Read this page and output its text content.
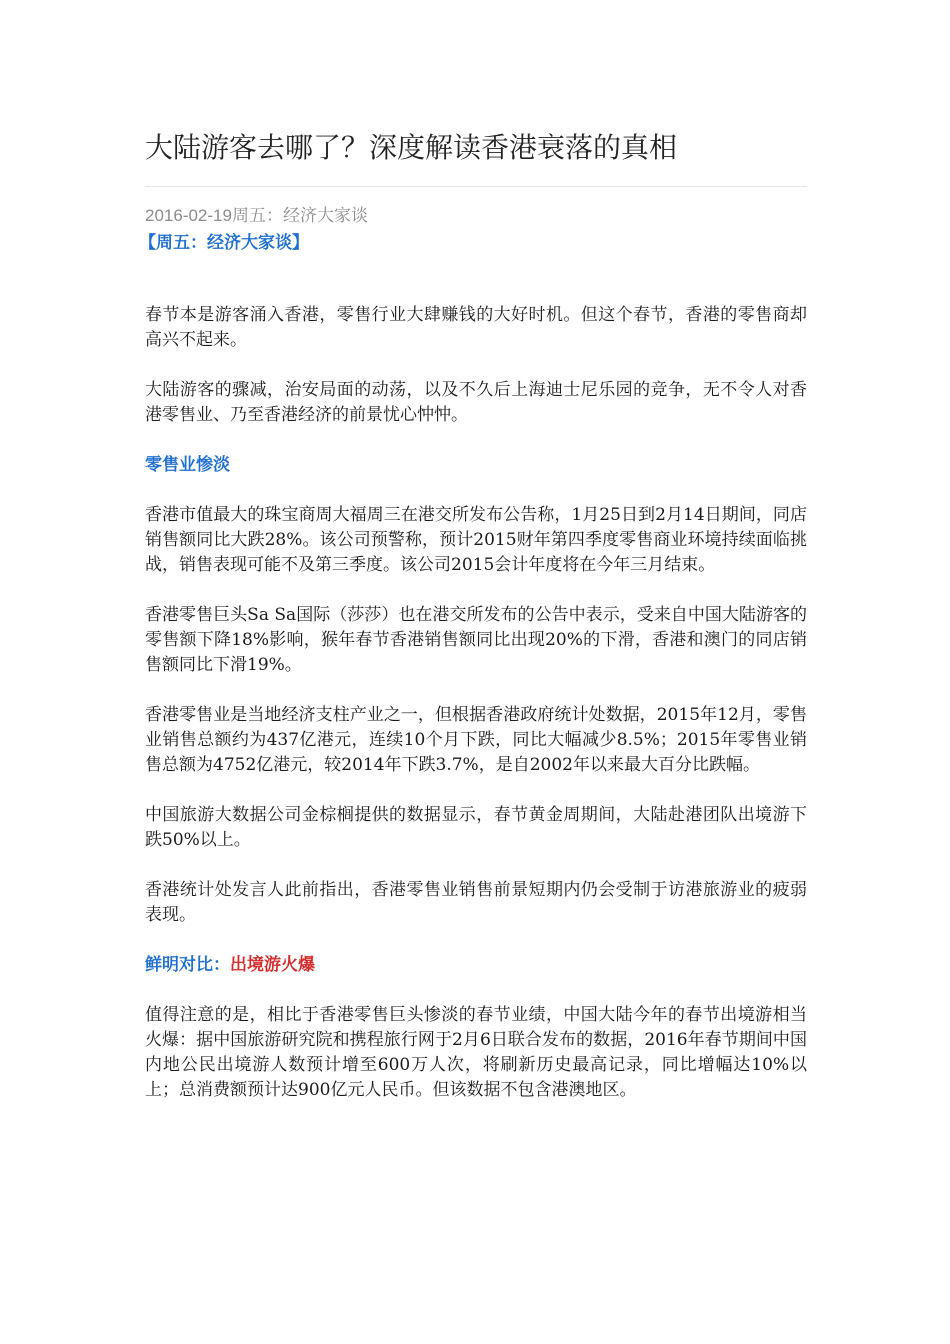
大陆游客去哪了？深度解读香港衰落的真相
2016-02-19周五：经济大家谈
【周五：经济大家谈】

春节本是游客涌入香港，零售行业大肆赚钱的大好时机。但这个春节，香港的零售商却高兴不起来。

大陆游客的骤减，治安局面的动荡，以及不久后上海迪士尼乐园的竞争，无不令人对香港零售业、乃至香港经济的前景忧心忡忡。

零售业惨淡

香港市值最大的珠宝商周大福周三在港交所发布公告称，1月25日到2月14日期间，同店销售额同比大跌28%。该公司预警称，预计2015财年第四季度零售商业环境持续面临挑战，销售表现可能不及第三季度。该公司2015会计年度将在今年三月结束。

香港零售巨头Sa Sa国际（莎莎）也在港交所发布的公告中表示，受来自中国大陆游客的零售额下降18%影响，猴年春节香港销售额同比出现20%的下滑，香港和澳门的同店销售额同比下滑19%。

香港零售业是当地经济支柱产业之一，但根据香港政府统计处数据，2015年12月，零售业销售总额约为437亿港元，连续10个月下跌，同比大幅减少8.5%；2015年零售业销售总额为4752亿港元，较2014年下跌3.7%，是自2002年以来最大百分比跌幅。

中国旅游大数据公司金棕榈提供的数据显示，春节黄金周期间，大陆赴港团队出境游下跌50%以上。

香港统计处发言人此前指出，香港零售业销售前景短期内仍会受制于访港旅游业的疲弱表现。

鲜明对比：出境游火爆

值得注意的是，相比于香港零售巨头惨淡的春节业绩，中国大陆今年的春节出境游相当火爆：据中国旅游研究院和携程旅行网于2月6日联合发布的数据，2016年春节期间中国内地公民出境游人数预计增至600万人次，将刷新历史最高记录，同比增幅达10%以上；总消费额预计达900亿元人民币。但该数据不包含港澳地区。
